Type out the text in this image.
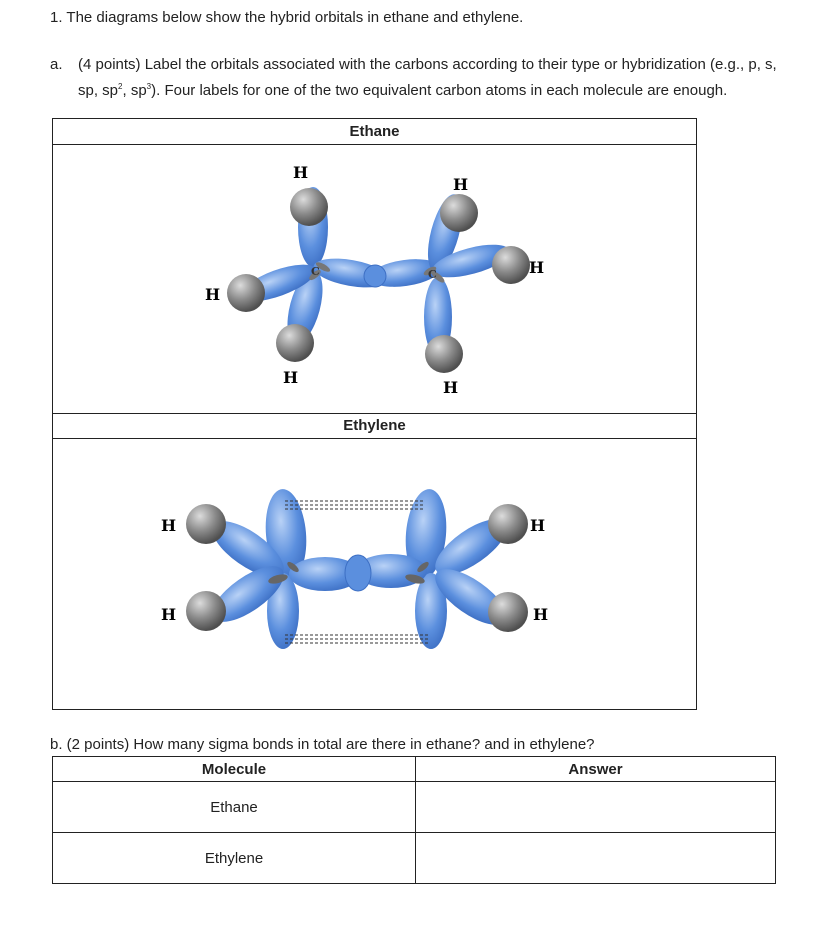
1. The diagrams below show the hybrid orbitals in ethane and ethylene.
a.	(4 points) Label the orbitals associated with the carbons according to their type or hybridization (e.g., p, s, sp, $sp^2$, $sp^3$). Four labels for one of the two equivalent carbon atoms in each molecule are enough.
Ethane
H
H
H
H
H
H
C	C
Ethylene
H
H
H
H
b. (2 points) How many sigma bonds in total are there in ethane? and in ethylene?
Molecule	Answer
Ethane	
Ethylene	
